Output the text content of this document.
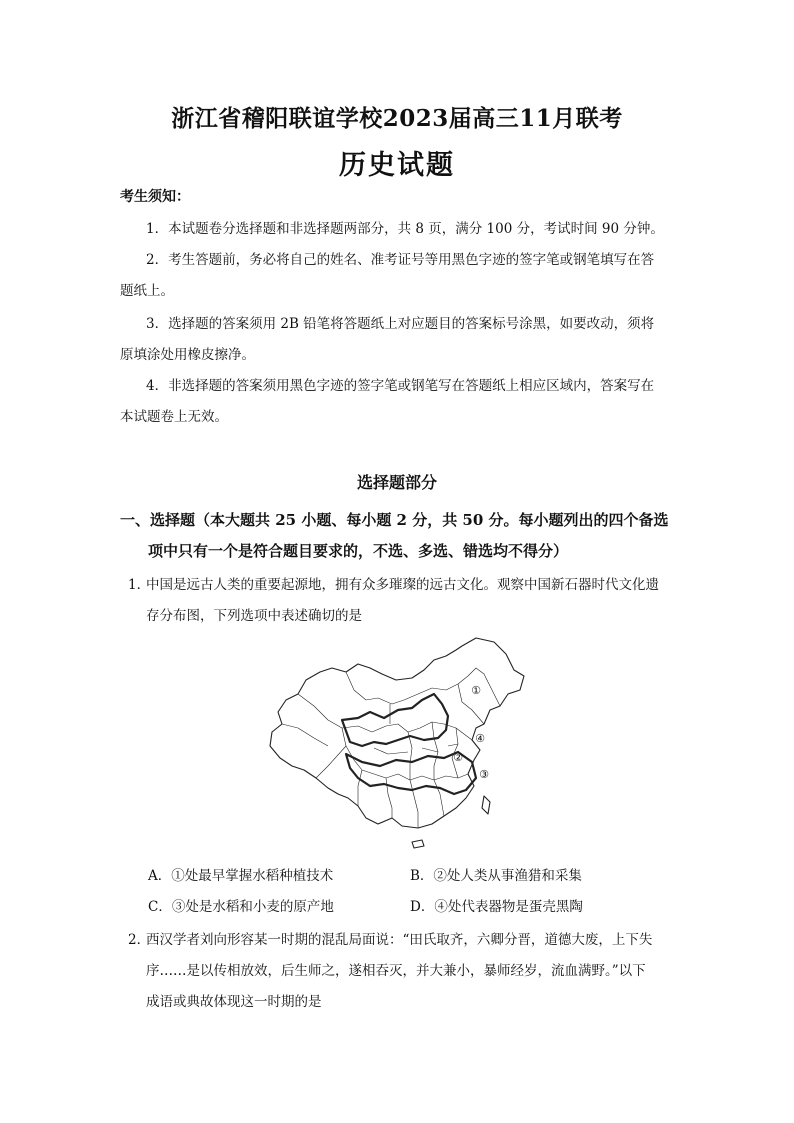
浙江省稽阳联谊学校2023届高三11月联考
历史试题
考生须知：
1．本试题卷分选择题和非选择题两部分，共 8 页，满分 100 分，考试时间 90 分钟。
2．考生答题前，务必将自己的姓名、准考证号等用黑色字迹的签字笔或钢笔填写在答
题纸上。
3．选择题的答案须用 2B 铅笔将答题纸上对应题目的答案标号涂黑，如要改动，须将
原填涂处用橡皮擦净。
4．非选择题的答案须用黑色字迹的签字笔或钢笔写在答题纸上相应区域内，答案写在
本试题卷上无效。
选择题部分
一、选择题（本大题共 25 小题、每小题 2 分，共 50 分。每小题列出的四个备选
项中只有一个是符合题目要求的，不选、多选、错选均不得分）
1．
中国是远古人类的重要起源地，拥有众多璀璨的远古文化。观察中国新石器时代文化遗
存分布图，下列选项中表述确切的是
①
②
③
④
A．①处最早掌握水稻种植技术	B．②处人类从事渔猎和采集
C．③处是水稻和小麦的原产地	D．④处代表器物是蛋壳黑陶
2．
西汉学者刘向形容某一时期的混乱局面说：“田氏取齐，六卿分晋，道德大废，上下失
序……是以传相放效，后生师之，遂相吞灭，并大兼小，暴师经岁，流血满野。”以下
成语或典故体现这一时期的是
